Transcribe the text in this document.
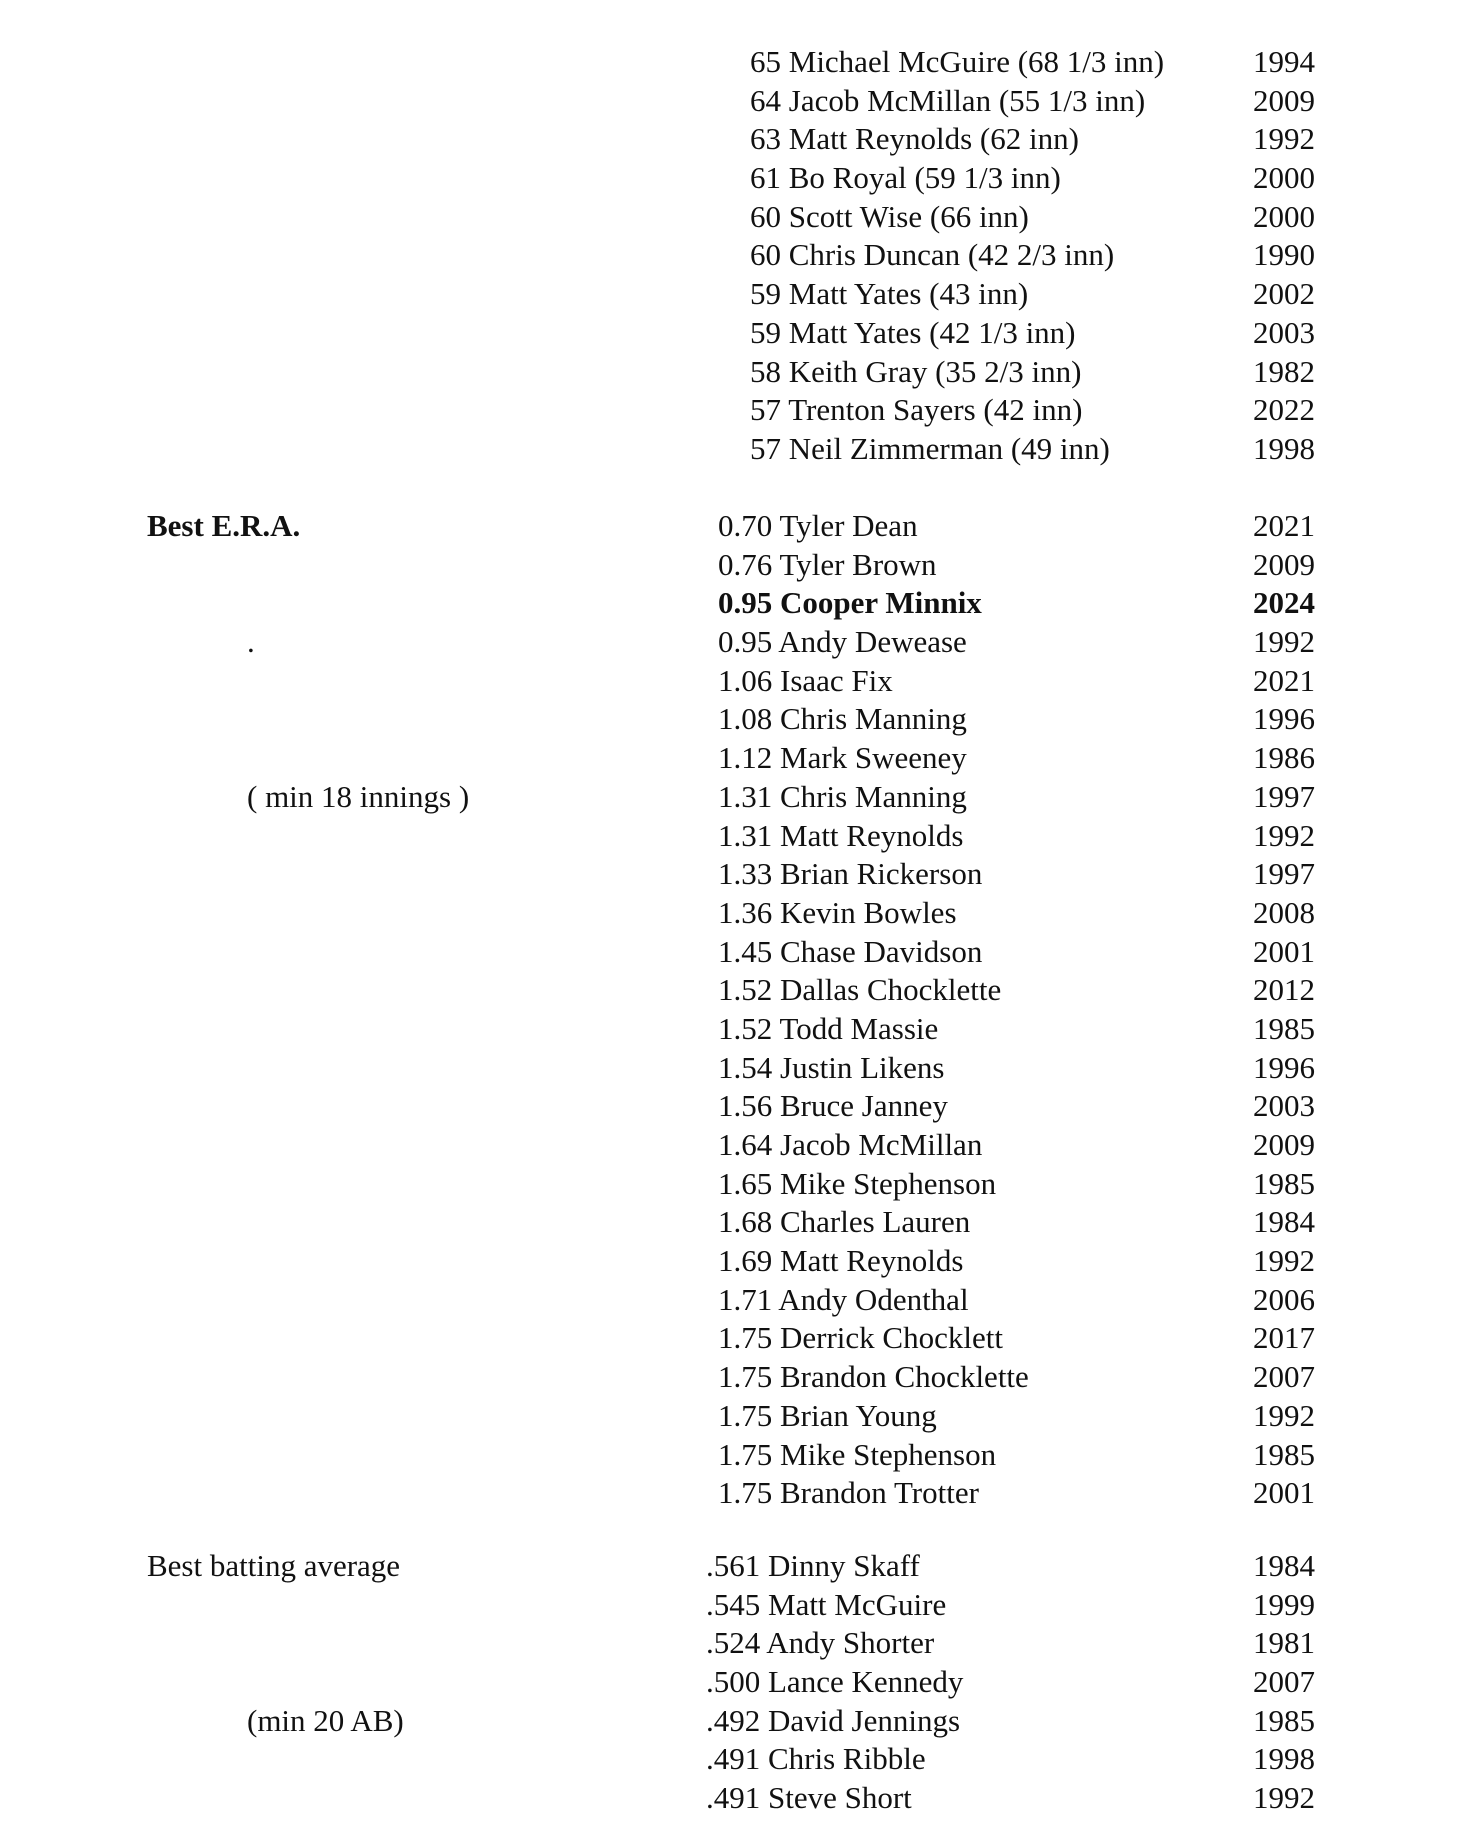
65 Michael McGuire (68 1/3 inn)	1994
64 Jacob McMillan (55 1/3 inn)	2009
63 Matt Reynolds (62 inn)	1992
61 Bo Royal (59 1/3 inn)	2000
60 Scott Wise (66 inn)	2000
60 Chris Duncan (42 2/3 inn)	1990
59 Matt Yates (43 inn)	2002
59 Matt Yates (42 1/3 inn)	2003
58 Keith Gray (35 2/3 inn)	1982
57 Trenton Sayers (42 inn)	2022
57 Neil Zimmerman (49 inn)	1998
Best E.R.A.
.
( min 18 innings )
0.70 Tyler Dean	2021
0.76 Tyler Brown	2009
0.95 Cooper Minnix	2024
0.95 Andy Dewease	1992
1.06 Isaac Fix	2021
1.08 Chris Manning	1996
1.12 Mark Sweeney	1986
1.31 Chris Manning	1997
1.31 Matt Reynolds	1992
1.33 Brian Rickerson	1997
1.36 Kevin Bowles	2008
1.45 Chase Davidson	2001
1.52 Dallas Chocklette	2012
1.52 Todd Massie	1985
1.54 Justin Likens	1996
1.56 Bruce Janney	2003
1.64 Jacob McMillan	2009
1.65 Mike Stephenson	1985
1.68 Charles Lauren	1984
1.69 Matt Reynolds	1992
1.71 Andy Odenthal	2006
1.75 Derrick Chocklett	2017
1.75 Brandon Chocklette	2007
1.75 Brian Young	1992
1.75 Mike Stephenson	1985
1.75 Brandon Trotter	2001
Best batting average
(min 20 AB)
.561 Dinny Skaff	1984
.545 Matt McGuire	1999
.524 Andy Shorter	1981
.500 Lance Kennedy	2007
.492 David Jennings	1985
.491 Chris Ribble	1998
.491 Steve Short	1992
